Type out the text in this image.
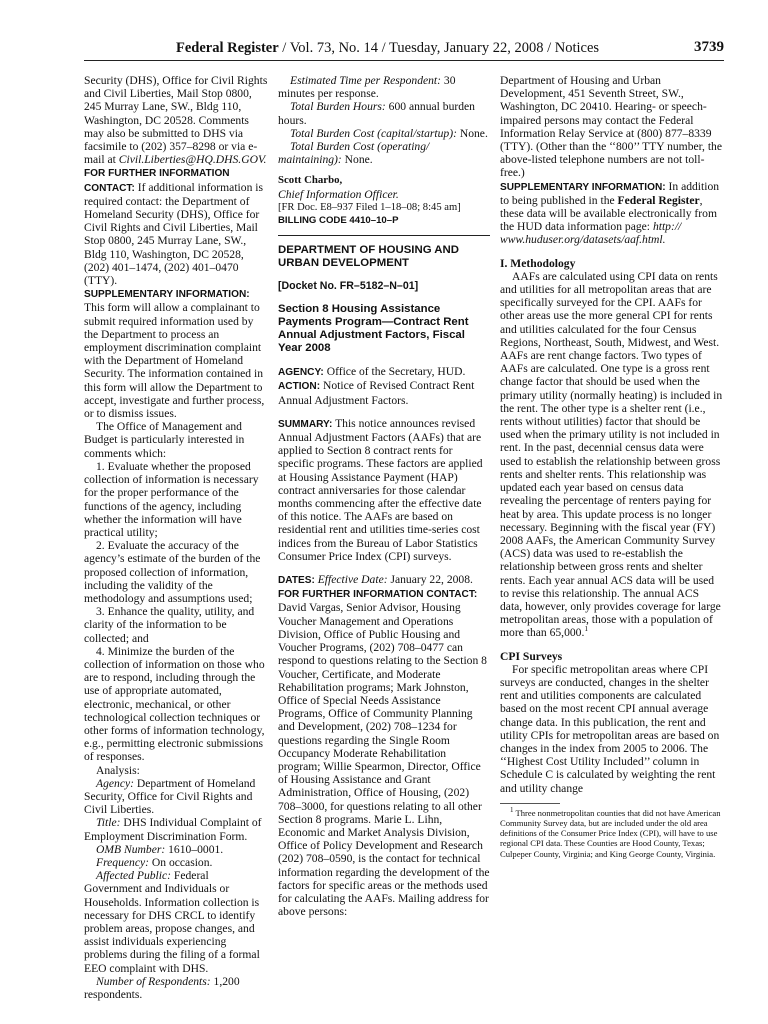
Federal Register / Vol. 73, No. 14 / Tuesday, January 22, 2008 / Notices	3739

Security (DHS), Office for Civil Rights and Civil Liberties, Mail Stop 0800, 245 Murray Lane, SW., Bldg 110, Washington, DC 20528. Comments may also be submitted to DHS via facsimile to (202) 357–8298 or via e-mail at Civil.Liberties@HQ.DHS.GOV.

FOR FURTHER INFORMATION CONTACT: If additional information is required contact: the Department of Homeland Security (DHS), Office for Civil Rights and Civil Liberties, Mail Stop 0800, 245 Murray Lane, SW., Bldg 110, Washington, DC 20528, (202) 401–1474, (202) 401–0470 (TTY).

SUPPLEMENTARY INFORMATION: This form will allow a complainant to submit required information used by the Department to process an employment discrimination complaint with the Department of Homeland Security. The information contained in this form will allow the Department to accept, investigate and further process, or to dismiss issues.

The Office of Management and Budget is particularly interested in comments which:

1. Evaluate whether the proposed collection of information is necessary for the proper performance of the functions of the agency, including whether the information will have practical utility;

2. Evaluate the accuracy of the agency’s estimate of the burden of the proposed collection of information, including the validity of the methodology and assumptions used;

3. Enhance the quality, utility, and clarity of the information to be collected; and

4. Minimize the burden of the collection of information on those who are to respond, including through the use of appropriate automated, electronic, mechanical, or other technological collection techniques or other forms of information technology, e.g., permitting electronic submissions of responses.

Analysis:

Agency: Department of Homeland Security, Office for Civil Rights and Civil Liberties.

Title: DHS Individual Complaint of Employment Discrimination Form.

OMB Number: 1610–0001.

Frequency: On occasion.

Affected Public: Federal Government and Individuals or Households. Information collection is necessary for DHS CRCL to identify problem areas, propose changes, and assist individuals experiencing problems during the filing of a formal EEO complaint with DHS.

Number of Respondents: 1,200 respondents.

Estimated Time per Respondent: 30 minutes per response.

Total Burden Hours: 600 annual burden hours.

Total Burden Cost (capital/startup): None.

Total Burden Cost (operating/ maintaining): None.

Scott Charbo,

Chief Information Officer.

[FR Doc. E8–937 Filed 1–18–08; 8:45 am]

BILLING CODE 4410–10–P

DEPARTMENT OF HOUSING AND URBAN DEVELOPMENT

[Docket No. FR–5182–N–01]

Section 8 Housing Assistance Payments Program—Contract Rent Annual Adjustment Factors, Fiscal Year 2008

AGENCY: Office of the Secretary, HUD.

ACTION: Notice of Revised Contract Rent Annual Adjustment Factors.

SUMMARY: This notice announces revised Annual Adjustment Factors (AAFs) that are applied to Section 8 contract rents for specific programs. These factors are applied at Housing Assistance Payment (HAP) contract anniversaries for those calendar months commencing after the effective date of this notice. The AAFs are based on residential rent and utilities time-series cost indices from the Bureau of Labor Statistics Consumer Price Index (CPI) surveys.

DATES: Effective Date: January 22, 2008.

FOR FURTHER INFORMATION CONTACT: David Vargas, Senior Advisor, Housing Voucher Management and Operations Division, Office of Public Housing and Voucher Programs, (202) 708–0477 can respond to questions relating to the Section 8 Voucher, Certificate, and Moderate Rehabilitation programs; Mark Johnston, Office of Special Needs Assistance Programs, Office of Community Planning and Development, (202) 708–1234 for questions regarding the Single Room Occupancy Moderate Rehabilitation program; Willie Spearmon, Director, Office of Housing Assistance and Grant Administration, Office of Housing, (202) 708–3000, for questions relating to all other Section 8 programs. Marie L. Lihn, Economic and Market Analysis Division, Office of Policy Development and Research (202) 708–0590, is the contact for technical information regarding the development of the factors for specific areas or the methods used for calculating the AAFs. Mailing address for above persons:

Department of Housing and Urban Development, 451 Seventh Street, SW., Washington, DC 20410. Hearing- or speech-impaired persons may contact the Federal Information Relay Service at (800) 877–8339 (TTY). (Other than the ‘‘800’’ TTY number, the above-listed telephone numbers are not toll-free.)

SUPPLEMENTARY INFORMATION: In addition to being published in the Federal Register, these data will be available electronically from the HUD data information page: http:// www.huduser.org/datasets/aaf.html.

I. Methodology

AAFs are calculated using CPI data on rents and utilities for all metropolitan areas that are specifically surveyed for the CPI. AAFs for other areas use the more general CPI for rents and utilities calculated for the four Census Regions, Northeast, South, Midwest, and West. AAFs are rent change factors. Two types of AAFs are calculated. One type is a gross rent change factor that should be used when the primary utility (normally heating) is included in the rent. The other type is a shelter rent (i.e., rents without utilities) factor that should be used when the primary utility is not included in rent. In the past, decennial census data were used to establish the relationship between gross rents and shelter rents. This relationship was updated each year based on census data revealing the percentage of renters paying for heat by area. This update process is no longer necessary. Beginning with the fiscal year (FY) 2008 AAFs, the American Community Survey (ACS) data was used to re-establish the relationship between gross rents and shelter rents. Each year annual ACS data will be used to revise this relationship. The annual ACS data, however, only provides coverage for large metropolitan areas, those with a population of more than 65,000.$^1$

CPI Surveys

For specific metropolitan areas where CPI surveys are conducted, changes in the shelter rent and utilities components are calculated based on the most recent CPI annual average change data. In this publication, the rent and utility CPIs for metropolitan areas are based on changes in the index from 2005 to 2006. The ‘‘Highest Cost Utility Included’’ column in Schedule C is calculated by weighting the rent and utility change

$^1$ Three nonmetropolitan counties that did not have American Community Survey data, but are included under the old area definitions of the Consumer Price Index (CPI), will have to use regional CPI data. These Counties are Hood County, Texas; Culpeper County, Virginia; and King George County, Virginia.
